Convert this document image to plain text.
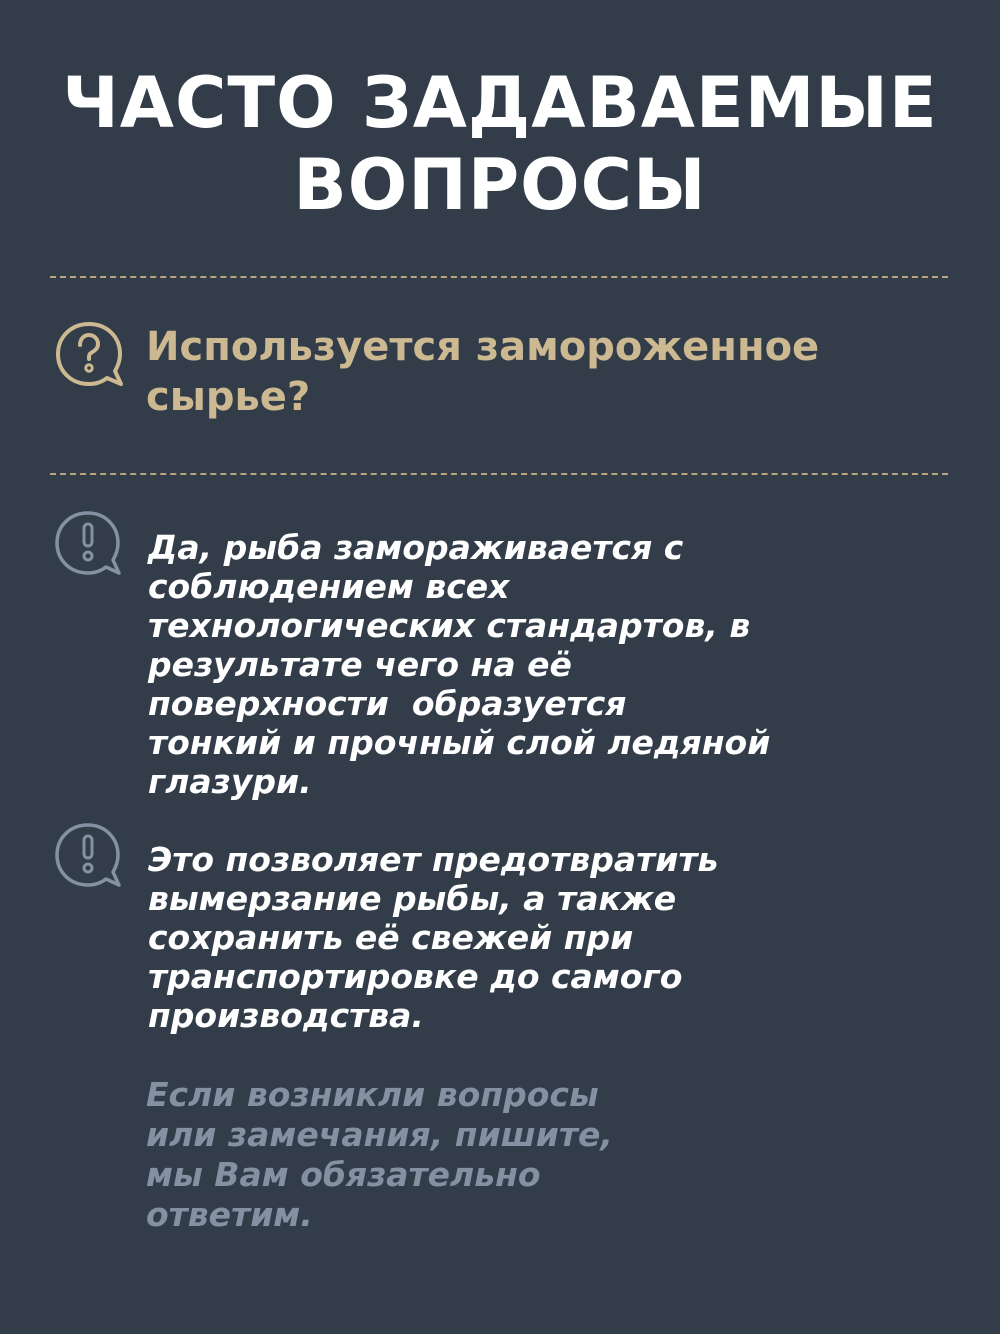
ЧАСТО ЗАДАВАЕМЫЕ
ВОПРОСЫ
Используется замороженное
сырье?
Да, рыба замораживается с
соблюдением всех
технологических стандартов, в
результате чего на её
поверхности  образуется
тонкий и прочный слой ледяной
глазури.
Это позволяет предотвратить
вымерзание рыбы, а также
сохранить её свежей при
транспортировке до самого
производства.
Если возникли вопросы
или замечания, пишите,
мы Вам обязательно
ответим.
